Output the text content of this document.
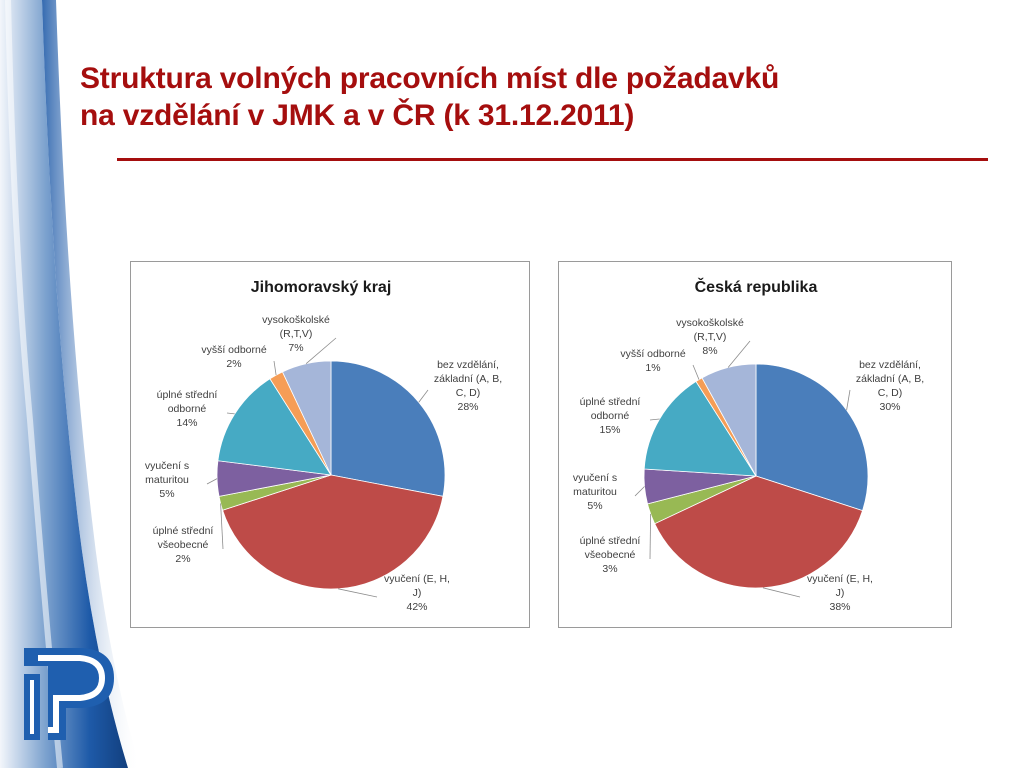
Struktura volných pracovních míst dle požadavků
na vzdělání v JMK a v ČR (k 31.12.2011)
Jihomoravský kraj
bez vzdělání, základní (A, B, C, D) 28%
vyučení (E, H, J) 42%
úplné střední všeobecné 2%
vyučení s maturitou 5%
úplné střední odborné 14%
vyšší odborné 2%
vysokoškolské (R,T,V) 7%
Česká republika
bez vzdělání, základní (A, B, C, D) 30%
vyučení (E, H, J) 38%
úplné střední všeobecné 3%
vyučení s maturitou 5%
úplné střední odborné 15%
vyšší odborné 1%
vysokoškolské (R,T,V) 8%
